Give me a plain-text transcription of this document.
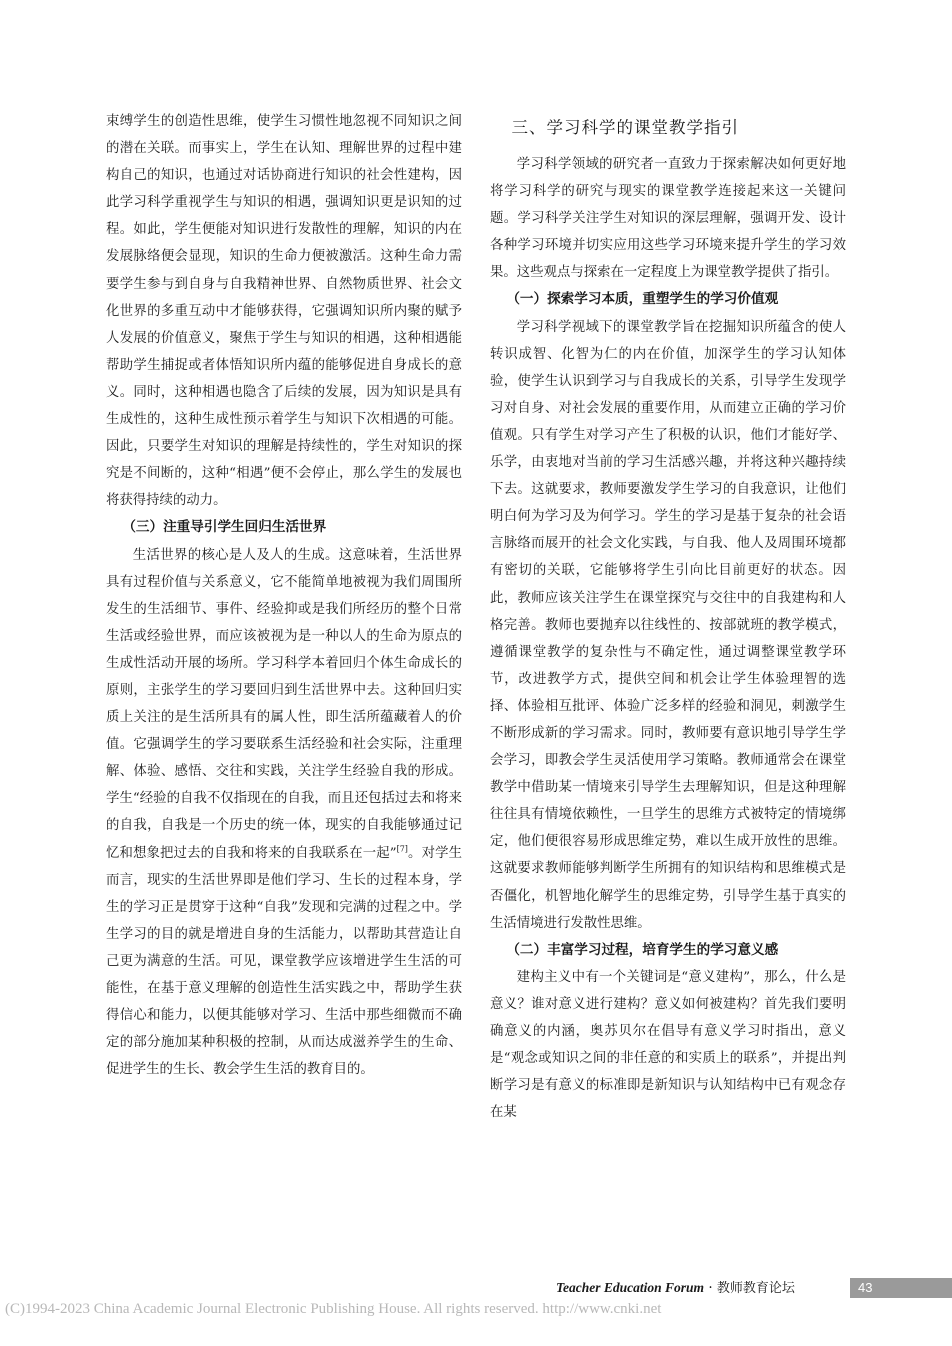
束缚学生的创造性思维，使学生习惯性地忽视不同知识之间的潜在关联。而事实上，学生在认知、理解世界的过程中建构自己的知识，也通过对话协商进行知识的社会性建构，因此学习科学重视学生与知识的相遇，强调知识更是识知的过程。如此，学生便能对知识进行发散性的理解，知识的内在发展脉络便会显现，知识的生命力便被激活。这种生命力需要学生参与到自身与自我精神世界、自然物质世界、社会文化世界的多重互动中才能够获得，它强调知识所内聚的赋予人发展的价值意义，聚焦于学生与知识的相遇，这种相遇能帮助学生捕捉或者体悟知识所内蕴的能够促进自身成长的意义。同时，这种相遇也隐含了后续的发展，因为知识是具有生成性的，这种生成性预示着学生与知识下次相遇的可能。因此，只要学生对知识的理解是持续性的，学生对知识的探究是不间断的，这种“相遇”便不会停止，那么学生的发展也将获得持续的动力。

（三）注重导引学生回归生活世界

生活世界的核心是人及人的生成。这意味着，生活世界具有过程价值与关系意义，它不能简单地被视为我们周围所发生的生活细节、事件、经验抑或是我们所经历的整个日常生活或经验世界，而应该被视为是一种以人的生命为原点的生成性活动开展的场所。学习科学本着回归个体生命成长的原则，主张学生的学习要回归到生活世界中去。这种回归实质上关注的是生活所具有的属人性，即生活所蕴藏着人的价值。它强调学生的学习要联系生活经验和社会实际，注重理解、体验、感悟、交往和实践，关注学生经验自我的形成。学生“经验的自我不仅指现在的自我，而且还包括过去和将来的自我，自我是一个历史的统一体，现实的自我能够通过记忆和想象把过去的自我和将来的自我联系在一起”[7]。对学生而言，现实的生活世界即是他们学习、生长的过程本身，学生的学习正是贯穿于这种“自我”发现和完满的过程之中。学生学习的目的就是增进自身的生活能力，以帮助其营造让自己更为满意的生活。可见，课堂教学应该增进学生生活的可能性，在基于意义理解的创造性生活实践之中，帮助学生获得信心和能力，以便其能够对学习、生活中那些细微而不确定的部分施加某种积极的控制，从而达成滋养学生的生命、促进学生的生长、教会学生生活的教育目的。

三、学习科学的课堂教学指引

学习科学领域的研究者一直致力于探索解决如何更好地将学习科学的研究与现实的课堂教学连接起来这一关键问题。学习科学关注学生对知识的深层理解，强调开发、设计各种学习环境并切实应用这些学习环境来提升学生的学习效果。这些观点与探索在一定程度上为课堂教学提供了指引。

（一）探索学习本质，重塑学生的学习价值观

学习科学视域下的课堂教学旨在挖掘知识所蕴含的使人转识成智、化智为仁的内在价值，加深学生的学习认知体验，使学生认识到学习与自我成长的关系，引导学生发现学习对自身、对社会发展的重要作用，从而建立正确的学习价值观。只有学生对学习产生了积极的认识，他们才能好学、乐学，由衷地对当前的学习生活感兴趣，并将这种兴趣持续下去。这就要求，教师要激发学生学习的自我意识，让他们明白何为学习及为何学习。学生的学习是基于复杂的社会语言脉络而展开的社会文化实践，与自我、他人及周围环境都有密切的关联，它能够将学生引向比目前更好的状态。因此，教师应该关注学生在课堂探究与交往中的自我建构和人格完善。教师也要抛弃以往线性的、按部就班的教学模式，遵循课堂教学的复杂性与不确定性，通过调整课堂教学环节，改进教学方式，提供空间和机会让学生体验理智的选择、体验相互批评、体验广泛多样的经验和洞见，刺激学生不断形成新的学习需求。同时，教师要有意识地引导学生学会学习，即教会学生灵活使用学习策略。教师通常会在课堂教学中借助某一情境来引导学生去理解知识，但是这种理解往往具有情境依赖性，一旦学生的思维方式被特定的情境绑定，他们便很容易形成思维定势，难以生成开放性的思维。这就要求教师能够判断学生所拥有的知识结构和思维模式是否僵化，机智地化解学生的思维定势，引导学生基于真实的生活情境进行发散性思维。

（二）丰富学习过程，培育学生的学习意义感

建构主义中有一个关键词是“意义建构”，那么，什么是意义？谁对意义进行建构？意义如何被建构？首先我们要明确意义的内涵，奥苏贝尔在倡导有意义学习时指出，意义是“观念或知识之间的非任意的和实质上的联系”，并提出判断学习是有意义的标准即是新知识与认知结构中已有观念存在某

Teacher Education Forum · 教师教育论坛	43
(C)1994-2023 China Academic Journal Electronic Publishing House. All rights reserved. http://www.cnki.net
